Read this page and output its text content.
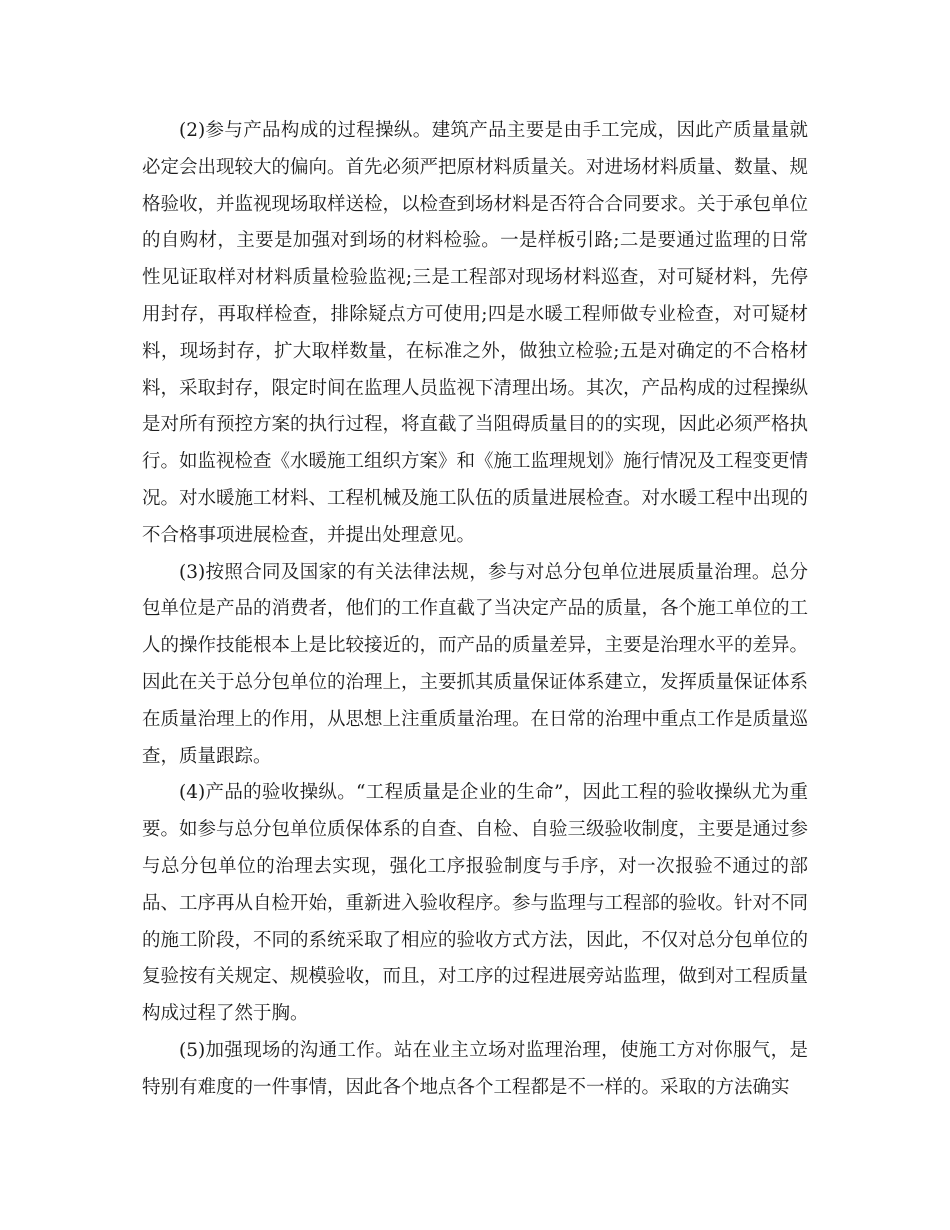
(2)参与产品构成的过程操纵。建筑产品主要是由手工完成，因此产质量量就必定会出现较大的偏向。首先必须严把原材料质量关。对进场材料质量、数量、规格验收，并监视现场取样送检，以检查到场材料是否符合合同要求。关于承包单位的自购材，主要是加强对到场的材料检验。一是样板引路;二是要通过监理的日常性见证取样对材料质量检验监视;三是工程部对现场材料巡查，对可疑材料，先停用封存，再取样检查，排除疑点方可使用;四是水暖工程师做专业检查，对可疑材料，现场封存，扩大取样数量，在标准之外，做独立检验;五是对确定的不合格材料，采取封存，限定时间在监理人员监视下清理出场。其次，产品构成的过程操纵是对所有预控方案的执行过程，将直截了当阻碍质量目的的实现，因此必须严格执行。如监视检查《水暖施工组织方案》和《施工监理规划》施行情况及工程变更情况。对水暖施工材料、工程机械及施工队伍的质量进展检查。对水暖工程中出现的不合格事项进展检查，并提出处理意见。

(3)按照合同及国家的有关法律法规，参与对总分包单位进展质量治理。总分包单位是产品的消费者，他们的工作直截了当决定产品的质量，各个施工单位的工人的操作技能根本上是比较接近的，而产品的质量差异，主要是治理水平的差异。因此在关于总分包单位的治理上，主要抓其质量保证体系建立，发挥质量保证体系在质量治理上的作用，从思想上注重质量治理。在日常的治理中重点工作是质量巡查，质量跟踪。

(4)产品的验收操纵。“工程质量是企业的生命”，因此工程的验收操纵尤为重要。如参与总分包单位质保体系的自查、自检、自验三级验收制度，主要是通过参与总分包单位的治理去实现，强化工序报验制度与手序，对一次报验不通过的部品、工序再从自检开始，重新进入验收程序。参与监理与工程部的验收。针对不同的施工阶段，不同的系统采取了相应的验收方式方法，因此，不仅对总分包单位的复验按有关规定、规模验收，而且，对工序的过程进展旁站监理，做到对工程质量构成过程了然于胸。

(5)加强现场的沟通工作。站在业主立场对监理治理，使施工方对你服气，是特别有难度的一件事情，因此各个地点各个工程都是不一样的。采取的方法确实
